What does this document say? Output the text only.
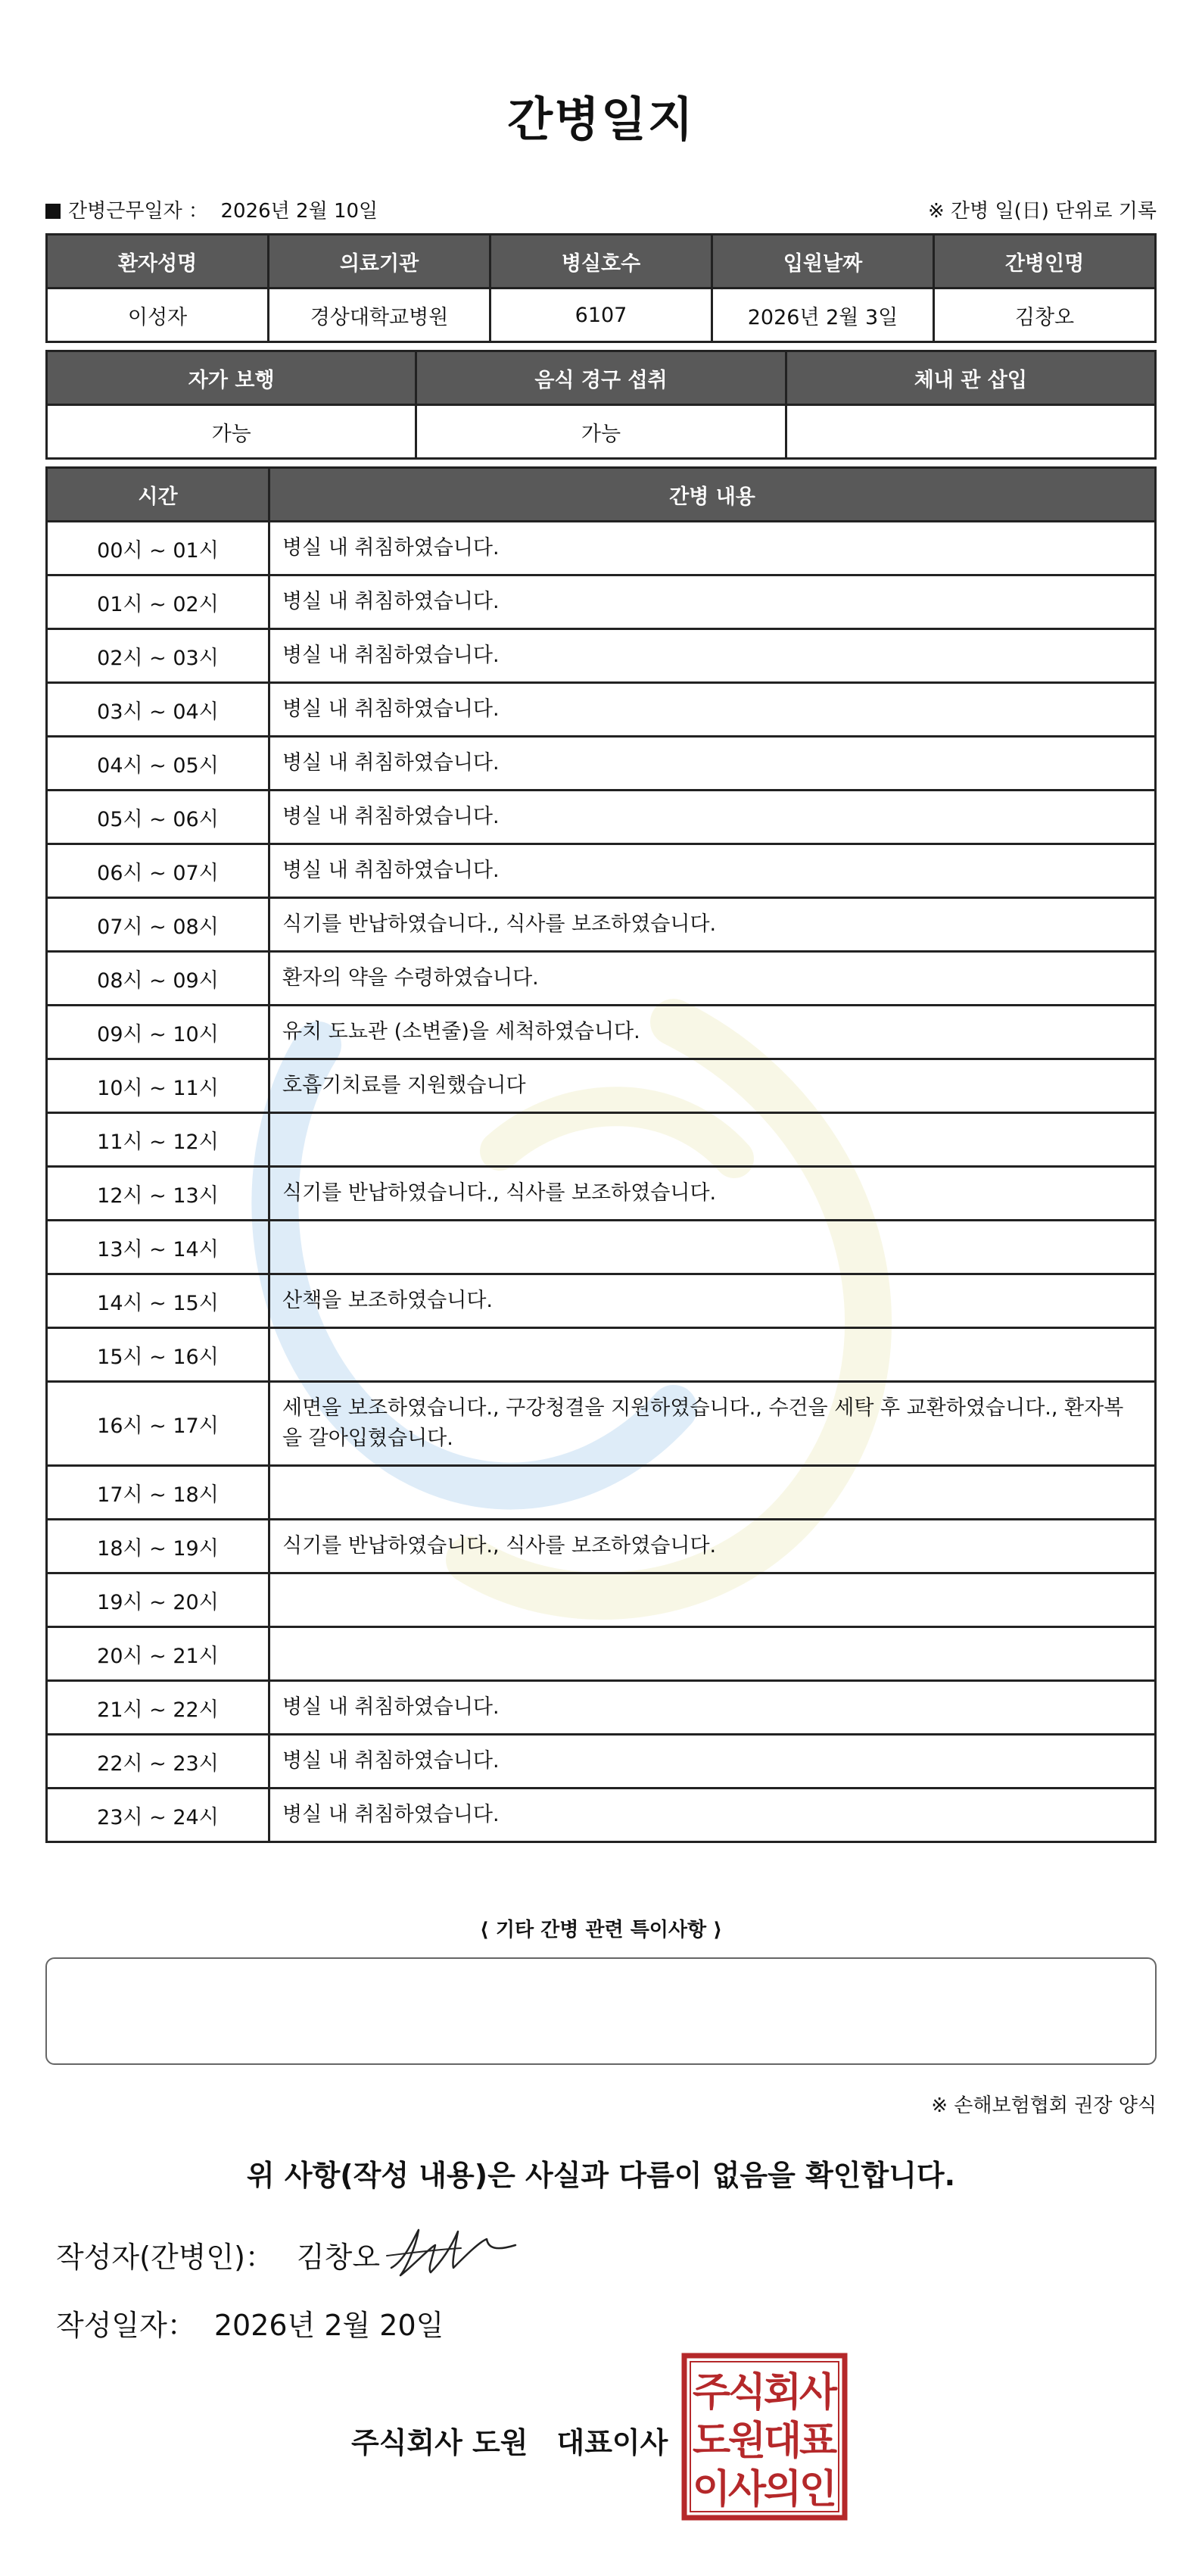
간병일지
간병근무일자 ： 2026년 2월 10일	※ 간병 일(日) 단위로 기록
환자성명	의료기관	병실호수	입원날짜	간병인명
이성자	경상대학교병원	6107	2026년 2월 3일	김창오
자가 보행	음식 경구 섭취	체내 관 삽입
가능	가능	
시간	간병 내용
00시 ~ 01시	병실 내 취침하였습니다.
01시 ~ 02시	병실 내 취침하였습니다.
02시 ~ 03시	병실 내 취침하였습니다.
03시 ~ 04시	병실 내 취침하였습니다.
04시 ~ 05시	병실 내 취침하였습니다.
05시 ~ 06시	병실 내 취침하였습니다.
06시 ~ 07시	병실 내 취침하였습니다.
07시 ~ 08시	식기를 반납하였습니다., 식사를 보조하였습니다.
08시 ~ 09시	환자의 약을 수령하였습니다.
09시 ~ 10시	유치 도뇨관 (소변줄)을 세척하였습니다.
10시 ~ 11시	호흡기치료를 지원했습니다
11시 ~ 12시	
12시 ~ 13시	식기를 반납하였습니다., 식사를 보조하였습니다.
13시 ~ 14시	
14시 ~ 15시	산책을 보조하였습니다.
15시 ~ 16시	
16시 ~ 17시	세면을 보조하였습니다., 구강청결을 지원하였습니다., 수건을 세탁 후 교환하였습니다., 환자복을 갈아입혔습니다.
17시 ~ 18시	
18시 ~ 19시	식기를 반납하였습니다., 식사를 보조하였습니다.
19시 ~ 20시	
20시 ~ 21시	
21시 ~ 22시	병실 내 취침하였습니다.
22시 ~ 23시	병실 내 취침하였습니다.
23시 ~ 24시	병실 내 취침하였습니다.
⟨ 기타 간병 관련 특이사항 ⟩
※ 손해보험협회 권장 양식
위 사항(작성 내용)은 사실과 다름이 없음을 확인합니다.
작성자(간병인)： 김창오
작성일자： 2026년 2월 20일
주식회사 도원 대표이사
주
식
회
사
도
원
대
표
이
사
의
인
